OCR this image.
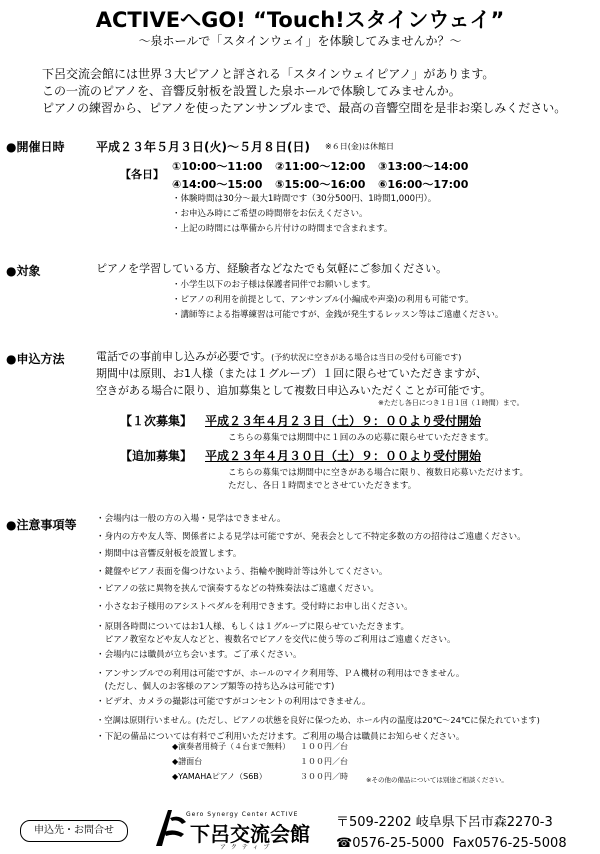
ACTIVEへGO! “Touch!スタインウェイ”
〜泉ホールで「スタインウェイ」を体験してみませんか？〜
下呂交流会館には世界３大ピアノと評される「スタインウェイピアノ」があります。
この一流のピアノを、音響反射板を設置した泉ホールで体験してみませんか。
ピアノの練習から、ピアノを使ったアンサンブルまで、最高の音響空間を是非お楽しみください。
●開催日時	平成２３年５月３日(火)〜５月８日(日) ※６日(金)は休館日
【各日】
①10:00〜11:00 ②11:00〜12:00 ③13:00〜14:00
④14:00〜15:00 ⑤15:00〜16:00 ⑥16:00〜17:00
・体験時間は30分〜最大1時間です（30分500円、1時間1,000円）。
・お申込み時にご希望の時間帯をお伝えください。
・上記の時間には準備から片付けの時間まで含まれます。
●対象	ピアノを学習している方、経験者などなたでも気軽にご参加ください。
・小学生以下のお子様は保護者同伴でお願いします。
・ピアノの利用を前提として、アンサンブル(小編成や声楽)の利用も可能です。
・講師等による指導練習は可能ですが、金銭が発生するレッスン等はご遠慮ください。
●申込方法	電話での事前申し込みが必要です。(予約状況に空きがある場合は当日の受付も可能です)
期間中は原則、お1人様（または１グループ）１回に限らせていただきますが、
空きがある場合に限り、追加募集として複数日申込みいただくことが可能です。
※ただし各日につき１日１回（１時間）まで。
【１次募集】 平成２３年４月２３日（土）９：００より受付開始
こちらの募集では期間中に１回のみの応募に限らせていただきます。
【追加募集】 平成２３年４月３０日（土）９：００より受付開始
こちらの募集では期間中に空きがある場合に限り、複数日応募いただけます。
ただし、各日１時間までとさせていただきます。
●注意事項等 ・会場内は一般の方の入場・見学はできません。
・身内の方や友人等、関係者による見学は可能ですが、発表会として不特定多数の方の招待はご遠慮ください。
・期間中は音響反射板を設置します。
・鍵盤やピアノ表面を傷つけないよう、指輪や腕時計等は外してください。
・ピアノの弦に異物を挟んで演奏するなどの特殊奏法はご遠慮ください。
・小さなお子様用のアシストペダルを利用できます。受付時にお申し出ください。
・原則各時間についてはお1人様、もしくは１グループに限らせていただきます。
　ピアノ教室などや友人などと、複数名でピアノを交代に使う等のご利用はご遠慮ください。
・会場内には職員が立ち会います。ご了承ください。
・アンサンブルでの利用は可能ですが、ホールのマイク利用等、ＰＡ機材の利用はできません。
　(ただし、個人のお客様のアンプ類等の持ち込みは可能です)
・ビデオ、カメラの撮影は可能ですがコンセントの利用はできません。
・空調は原則行いません。(ただし、ピアノの状態を良好に保つため、ホール内の温度は20℃〜24℃に保たれています)
・下記の備品については有料でご利用いただけます。ご利用の場合は職員にお知らせください。
◆演奏者用椅子（４台まで無料） １００円／台
◆譜面台	１００円／台
◆YAMAHAピアノ（S6B）	３００円／時	※その他の備品については別途ご相談ください。
申込先・お問合せ
Gero Synergy Center ACTIVE
下呂交流会館
アクティブ
〒509-2202 岐阜県下呂市森2270-3
☎0576-25-5000 Fax0576-25-5008
